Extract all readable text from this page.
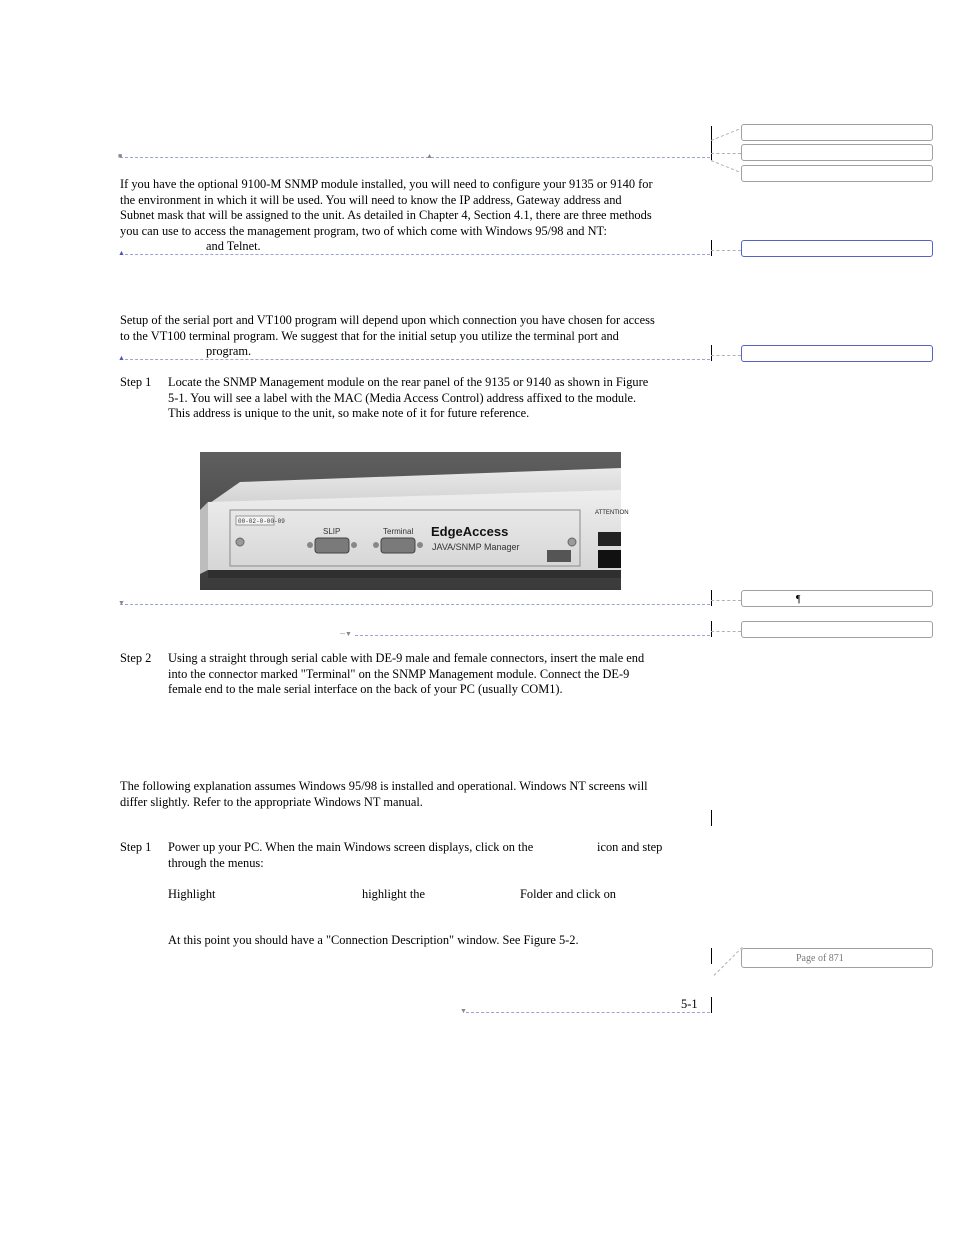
■	▲
▲
▲
▼
─▼
▼
¶
Page of 871
If you have the optional 9100-M SNMP module installed, you will need to configure your 9135 or 9140 for
the environment in which it will be used. You will need to know the IP address, Gateway address and
Subnet mask that will be assigned to the unit. As detailed in Chapter 4, Section 4.1, there are three methods
you can use to access the management program, two of which come with Windows 95/98 and NT:
and Telnet.
Setup of the serial port and VT100 program will depend upon which connection you have chosen for access
to the VT100 terminal program. We suggest that for the initial setup you utilize the terminal port and
program.
Step 1 Locate the SNMP Management module on the rear panel of the 9135 or 9140 as shown in Figure
5-1. You will see a label with the MAC (Media Access Control) address affixed to the module.
This address is unique to the unit, so make note of it for future reference.
00-02-0-00-09
SLIP	Terminal EdgeAccess
JAVA/SNMP Manager
ATTENTION
Step 2 Using a straight through serial cable with DE-9 male and female connectors, insert the male end
into the connector marked "Terminal" on the SNMP Management module. Connect the DE-9
female end to the male serial interface on the back of your PC (usually COM1).
The following explanation assumes Windows 95/98 is installed and operational. Windows NT screens will
differ slightly. Refer to the appropriate Windows NT manual.
Step 1 Power up your PC. When the main Windows screen displays, click on the	icon and step
through the menus:
Highlight	highlight the	Folder and click on
At this point you should have a "Connection Description" window. See Figure 5-2.
5-1
